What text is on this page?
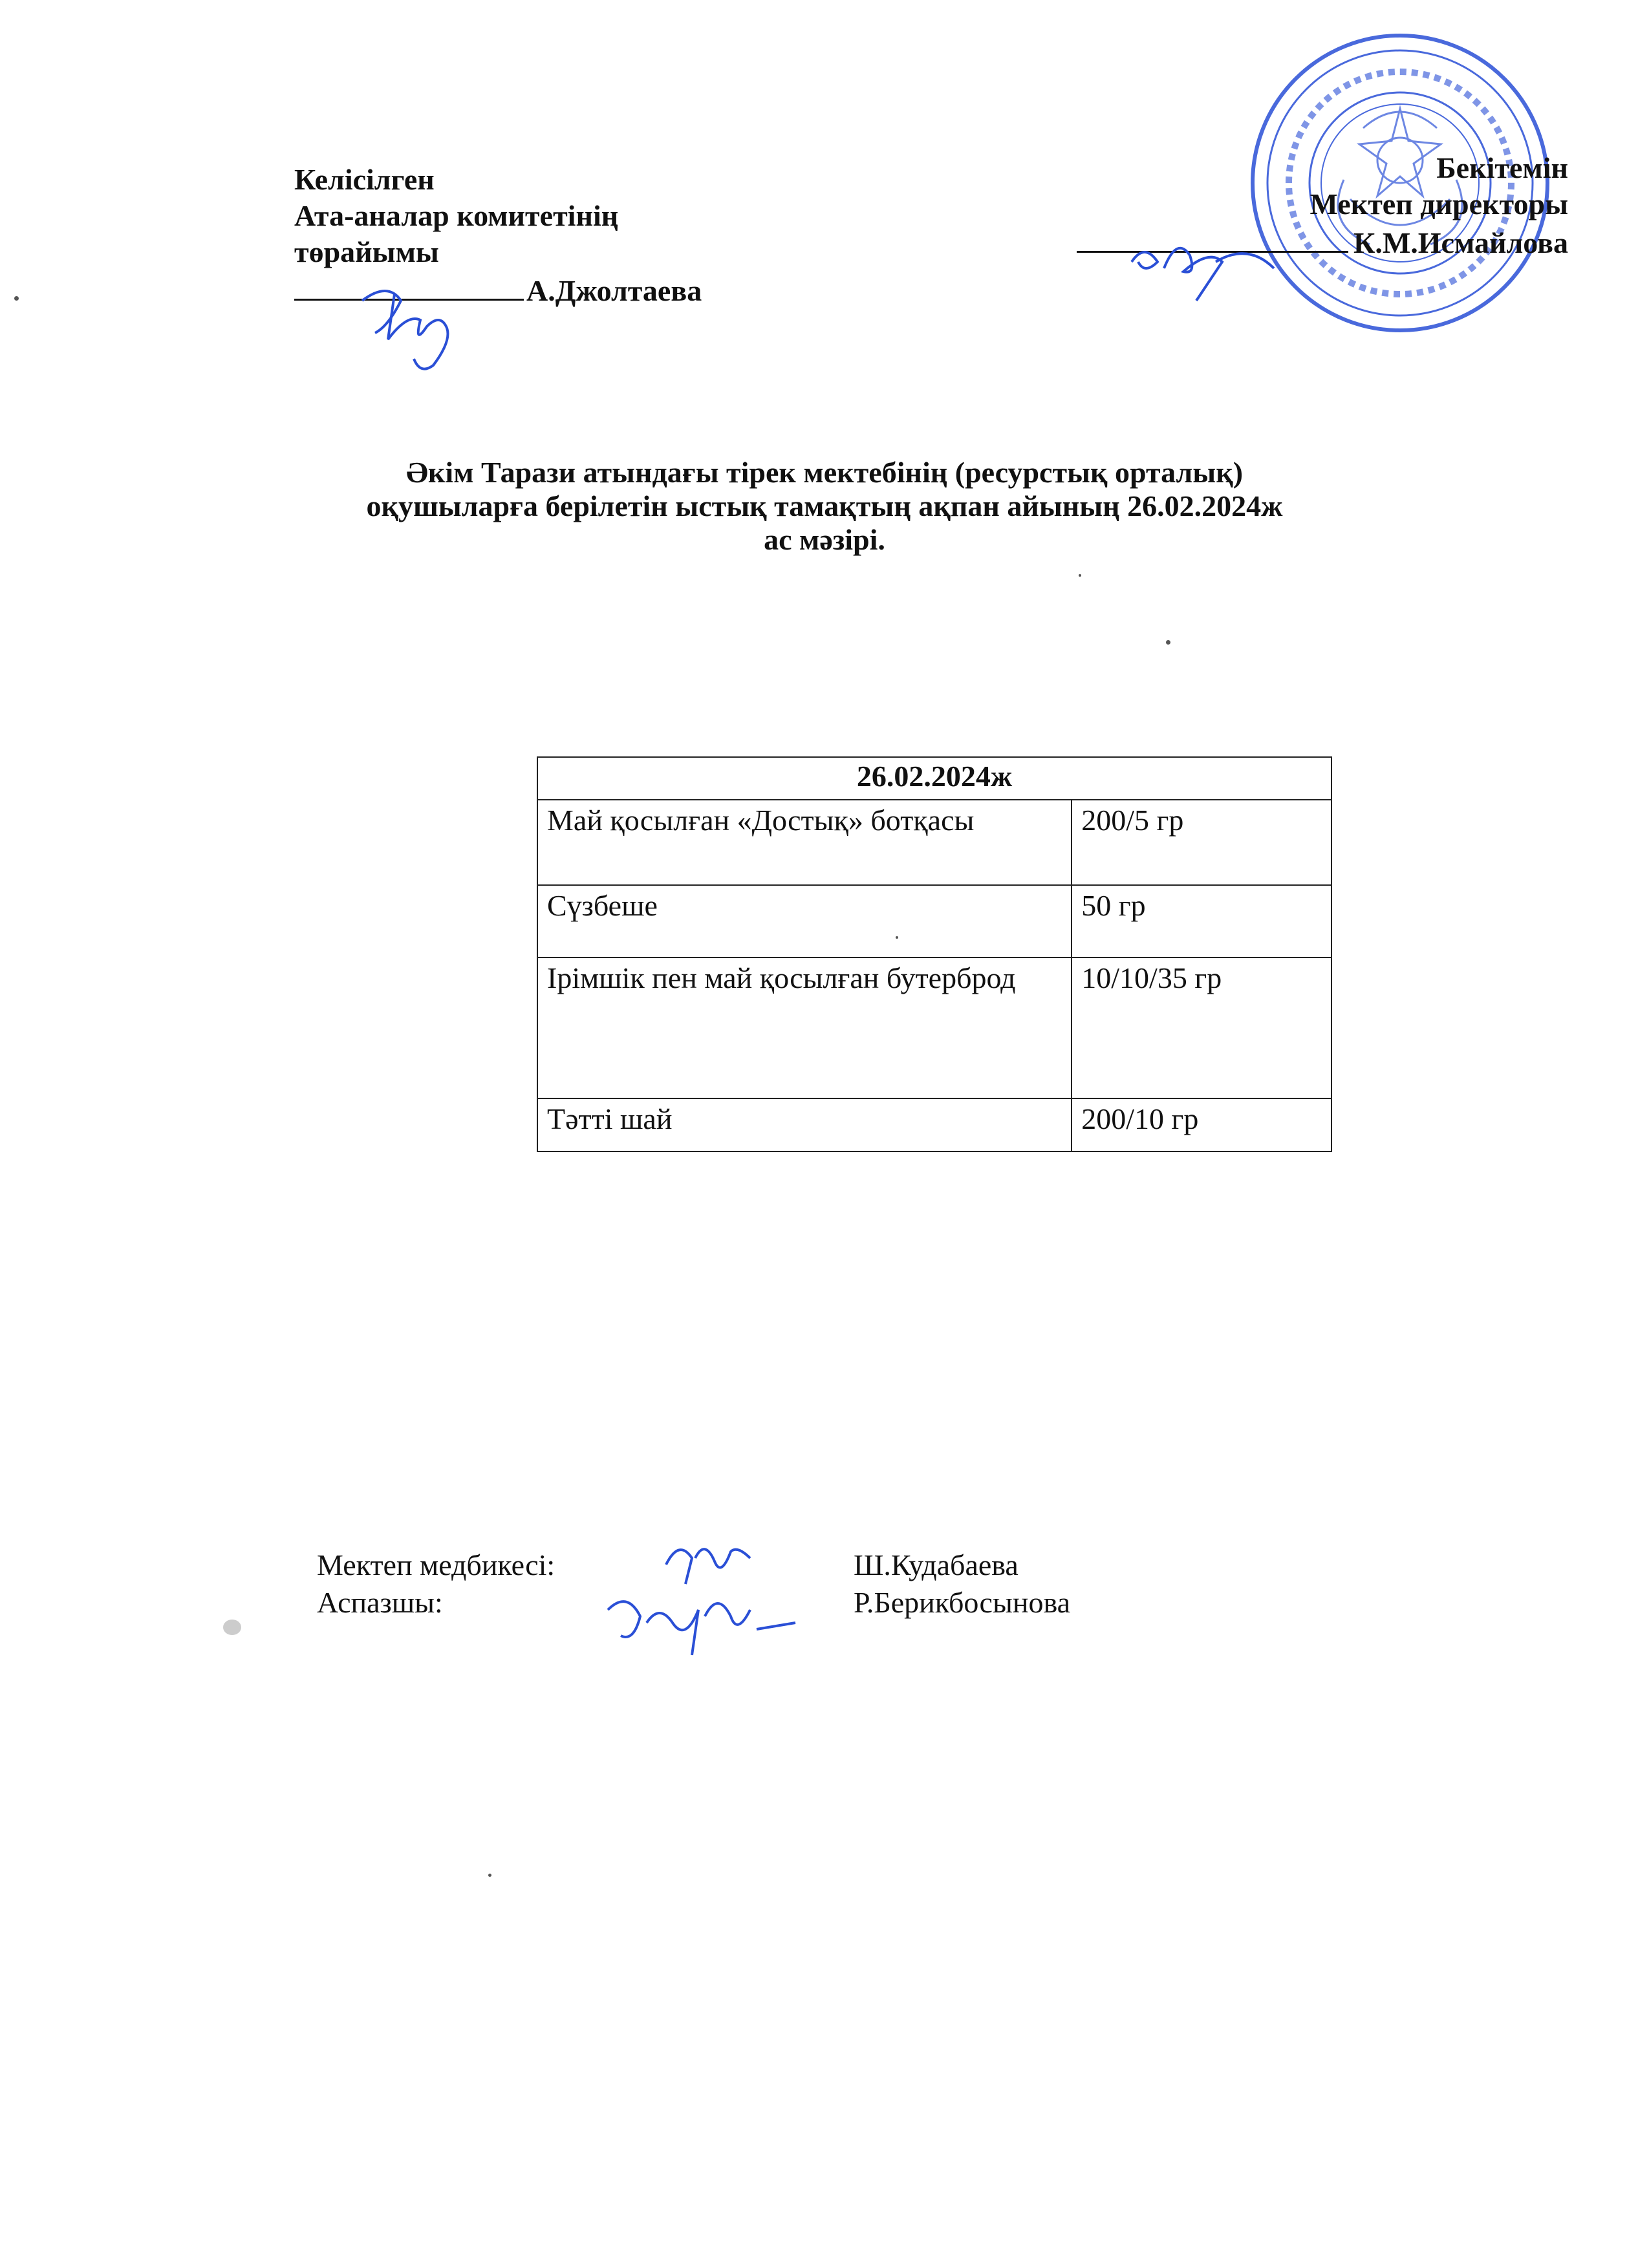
Келісілген
Ата-аналар комитетінің
төрайымы
А.Джолтаева
Бекітемін
Мектеп директоры
К.М.Исмайлова
Әкім Тарази атындағы тірек мектебінің (ресурстық орталық)
оқушыларға берілетін ыстық тамақтың ақпан айының 26.02.2024ж
ас мәзірі.
26.02.2024ж	
Май қосылған «Достық» ботқасы	200/5 гр
Сүзбеше	50 гр
Ірімшік пен май қосылған бутерброд	10/10/35 гр
Тәтті шай	200/10 гр
Мектеп медбикесі:	Ш.Кудабаева
Аспазшы:	Р.Берикбосынова
